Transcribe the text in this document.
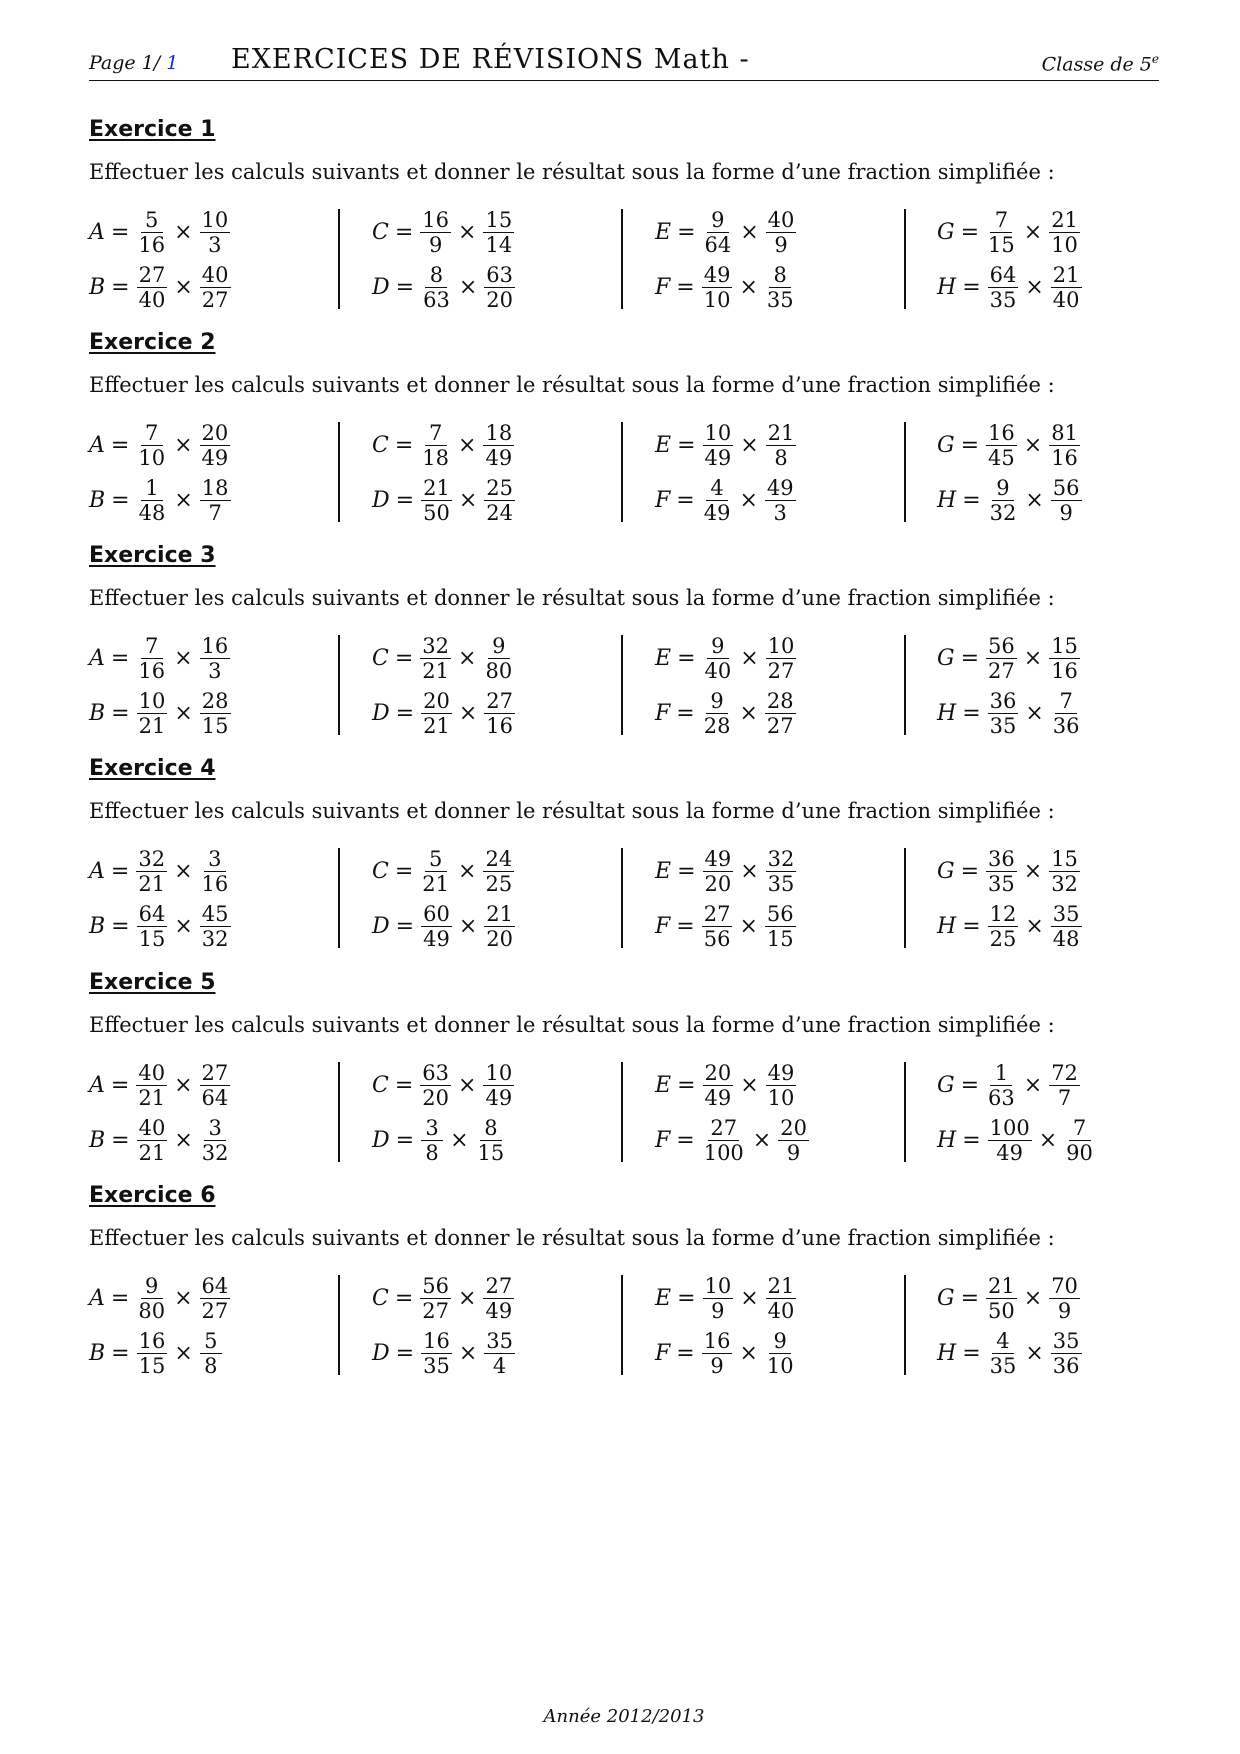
Page 1/ 1 EXERCICES DE RÉVISIONS Math -	Classe de 5e
Exercice 1
Effectuer les calculs suivants et donner le résultat sous la forme d’une fraction simplifiée :
$A = \frac{5}{16} \times \frac{10}{3}$
$B = \frac{27}{40} \times \frac{40}{27}$
$C = \frac{16}{9} \times \frac{15}{14}$
$D = \frac{8}{63} \times \frac{63}{20}$
$E = \frac{9}{64} \times \frac{40}{9}$
$F = \frac{49}{10} \times \frac{8}{35}$
$G = \frac{7}{15} \times \frac{21}{10}$
$H = \frac{64}{35} \times \frac{21}{40}$
Exercice 2
Effectuer les calculs suivants et donner le résultat sous la forme d’une fraction simplifiée :
$A = \frac{7}{10} \times \frac{20}{49}$
$B = \frac{1}{48} \times \frac{18}{7}$
$C = \frac{7}{18} \times \frac{18}{49}$
$D = \frac{21}{50} \times \frac{25}{24}$
$E = \frac{10}{49} \times \frac{21}{8}$
$F = \frac{4}{49} \times \frac{49}{3}$
$G = \frac{16}{45} \times \frac{81}{16}$
$H = \frac{9}{32} \times \frac{56}{9}$
Exercice 3
Effectuer les calculs suivants et donner le résultat sous la forme d’une fraction simplifiée :
$A = \frac{7}{16} \times \frac{16}{3}$
$B = \frac{10}{21} \times \frac{28}{15}$
$C = \frac{32}{21} \times \frac{9}{80}$
$D = \frac{20}{21} \times \frac{27}{16}$
$E = \frac{9}{40} \times \frac{10}{27}$
$F = \frac{9}{28} \times \frac{28}{27}$
$G = \frac{56}{27} \times \frac{15}{16}$
$H = \frac{36}{35} \times \frac{7}{36}$
Exercice 4
Effectuer les calculs suivants et donner le résultat sous la forme d’une fraction simplifiée :
$A = \frac{32}{21} \times \frac{3}{16}$
$B = \frac{64}{15} \times \frac{45}{32}$
$C = \frac{5}{21} \times \frac{24}{25}$
$D = \frac{60}{49} \times \frac{21}{20}$
$E = \frac{49}{20} \times \frac{32}{35}$
$F = \frac{27}{56} \times \frac{56}{15}$
$G = \frac{36}{35} \times \frac{15}{32}$
$H = \frac{12}{25} \times \frac{35}{48}$
Exercice 5
Effectuer les calculs suivants et donner le résultat sous la forme d’une fraction simplifiée :
$A = \frac{40}{21} \times \frac{27}{64}$
$B = \frac{40}{21} \times \frac{3}{32}$
$C = \frac{63}{20} \times \frac{10}{49}$
$D = \frac{3}{8} \times \frac{8}{15}$
$E = \frac{20}{49} \times \frac{49}{10}$
$F = \frac{27}{100} \times \frac{20}{9}$
$G = \frac{1}{63} \times \frac{72}{7}$
$H = \frac{100}{49} \times \frac{7}{90}$
Exercice 6
Effectuer les calculs suivants et donner le résultat sous la forme d’une fraction simplifiée :
$A = \frac{9}{80} \times \frac{64}{27}$
$B = \frac{16}{15} \times \frac{5}{8}$
$C = \frac{56}{27} \times \frac{27}{49}$
$D = \frac{16}{35} \times \frac{35}{4}$
$E = \frac{10}{9} \times \frac{21}{40}$
$F = \frac{16}{9} \times \frac{9}{10}$
$G = \frac{21}{50} \times \frac{70}{9}$
$H = \frac{4}{35} \times \frac{35}{36}$
Année 2012/2013
